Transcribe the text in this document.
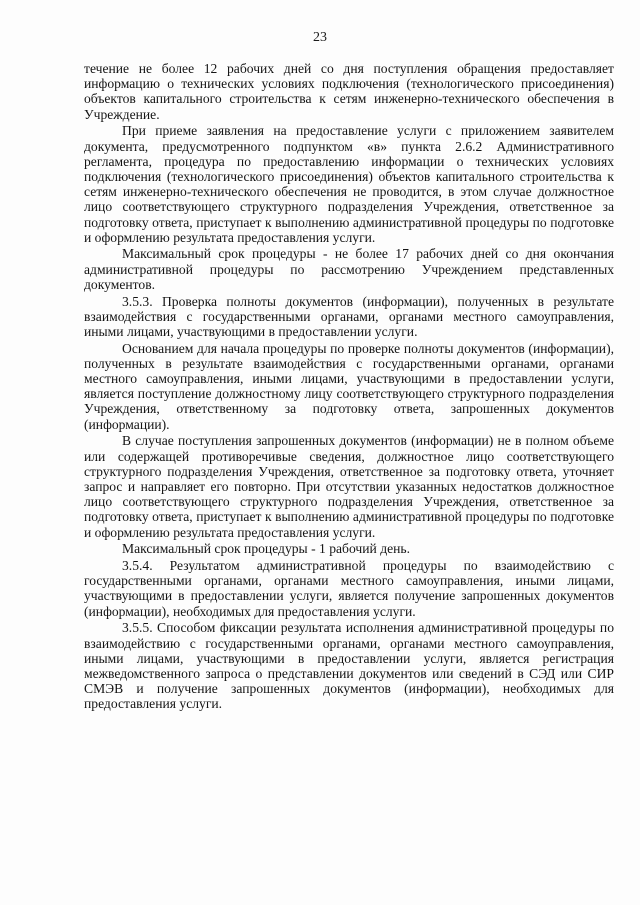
23

течение не более 12 рабочих дней со дня поступления обращения предоставляет информацию о технических условиях подключения (технологического присоединения) объектов капитального строительства к сетям инженерно-технического обеспечения в Учреждение.

При приеме заявления на предоставление услуги с приложением заявителем документа, предусмотренного подпунктом «в» пункта 2.6.2 Административного регламента, процедура по предоставлению информации о технических условиях подключения (технологического присоединения) объектов капитального строительства к сетям инженерно-технического обеспечения не проводится, в этом случае должностное лицо соответствующего структурного подразделения Учреждения, ответственное за подготовку ответа, приступает к выполнению административной процедуры по подготовке и оформлению результата предоставления услуги.

Максимальный срок процедуры - не более 17 рабочих дней со дня окончания административной процедуры по рассмотрению Учреждением представленных документов.

3.5.3. Проверка полноты документов (информации), полученных в результате взаимодействия с государственными органами, органами местного самоуправления, иными лицами, участвующими в предоставлении услуги.

Основанием для начала процедуры по проверке полноты документов (информации), полученных в результате взаимодействия с государственными органами, органами местного самоуправления, иными лицами, участвующими в предоставлении услуги, является поступление должностному лицу соответствующего структурного подразделения Учреждения, ответственному за подготовку ответа, запрошенных документов (информации).

В случае поступления запрошенных документов (информации) не в полном объеме или содержащей противоречивые сведения, должностное лицо соответствующего структурного подразделения Учреждения, ответственное за подготовку ответа, уточняет запрос и направляет его повторно. При отсутствии указанных недостатков должностное лицо соответствующего структурного подразделения Учреждения, ответственное за подготовку ответа, приступает к выполнению административной процедуры по подготовке и оформлению результата предоставления услуги.

Максимальный срок процедуры - 1 рабочий день.

3.5.4. Результатом административной процедуры по взаимодействию с государственными органами, органами местного самоуправления, иными лицами, участвующими в предоставлении услуги, является получение запрошенных документов (информации), необходимых для предоставления услуги.

3.5.5. Способом фиксации результата исполнения административной процедуры по взаимодействию с государственными органами, органами местного самоуправления, иными лицами, участвующими в предоставлении услуги, является регистрация межведомственного запроса о представлении документов или сведений в СЭД или СИР СМЭВ и получение запрошенных документов (информации), необходимых для предоставления услуги.
